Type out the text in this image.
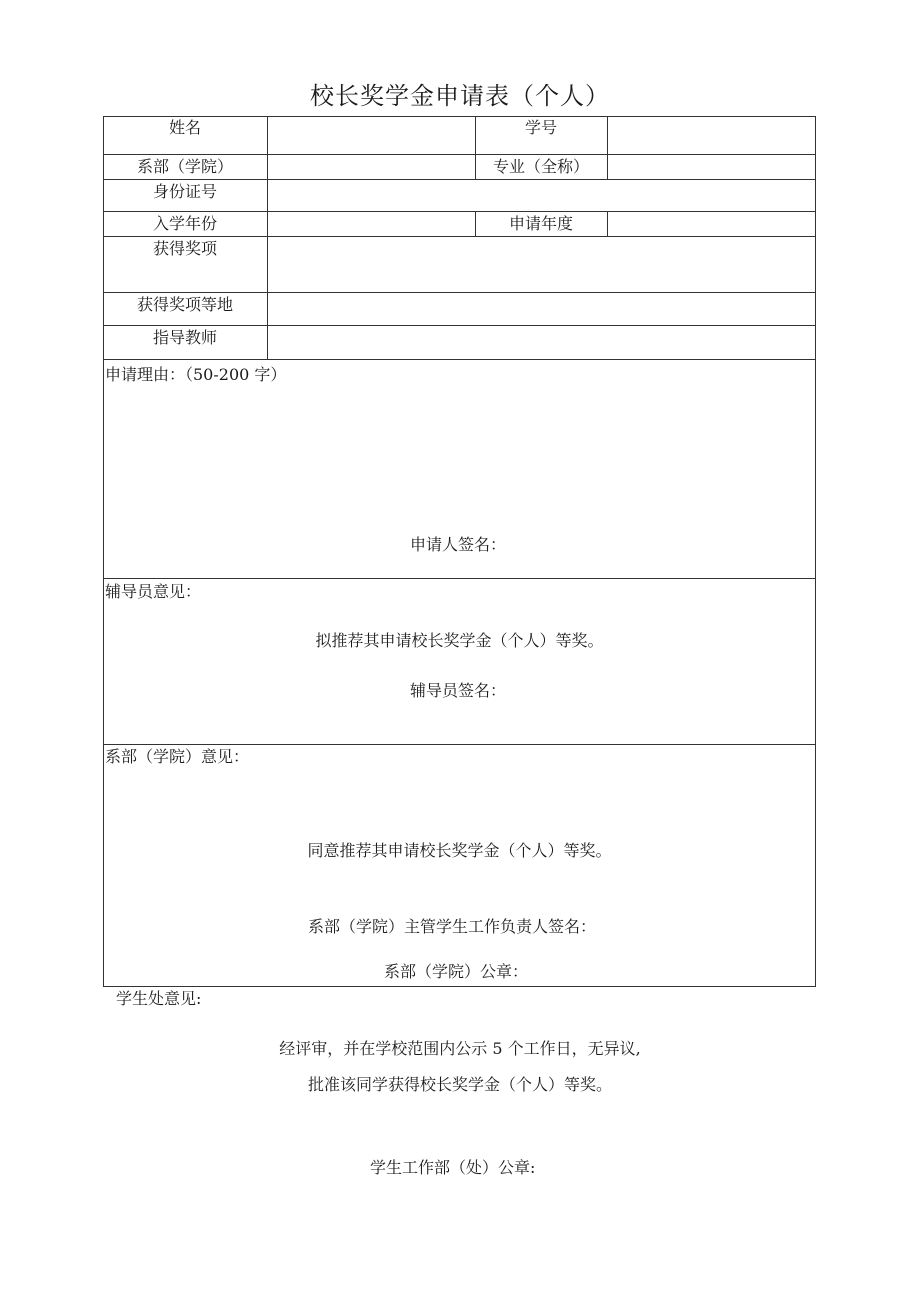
校长奖学金申请表（个人）
姓名	学号
系部（学院）	专业（全称）
身份证号
入学年份	申请年度
获得奖项
获得奖项等地
指导教师
申请理由：（50-200 字）
申请人签名：
辅导员意见：
拟推荐其申请校长奖学金（个人）等奖。
辅导员签名：
系部（学院）意见：
同意推荐其申请校长奖学金（个人）等奖。
系部（学院）主管学生工作负责人签名：
系部（学院）公章：
学生处意见:
经评审，并在学校范围内公示 5 个工作日，无异议,
批准该同学获得校长奖学金（个人）等奖。
学生工作部（处）公章:
